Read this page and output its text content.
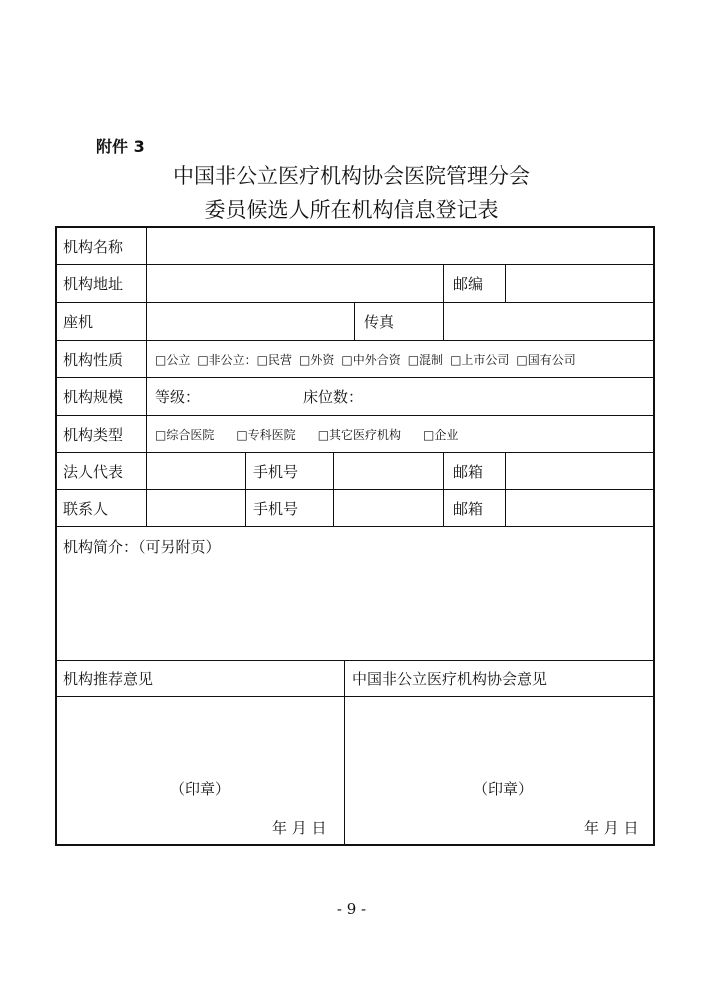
附件 3
中国非公立医疗机构协会医院管理分会
委员候选人所在机构信息登记表
机构名称
机构地址	邮编
座机	传真
机构性质	□公立 □非公立：□民营 □外资 □中外合资 □混制 □上市公司 □国有公司
机构规模 等级：	床位数：
机构类型	□综合医院 □专科医院 □其它医疗机构 □企业
法人代表	手机号	邮箱
联系人	手机号	邮箱
机构简介：（可另附页）
机构推荐意见	中国非公立医疗机构协会意见
（印章）	（印章）
年 月 日	年 月 日
- 9 -
